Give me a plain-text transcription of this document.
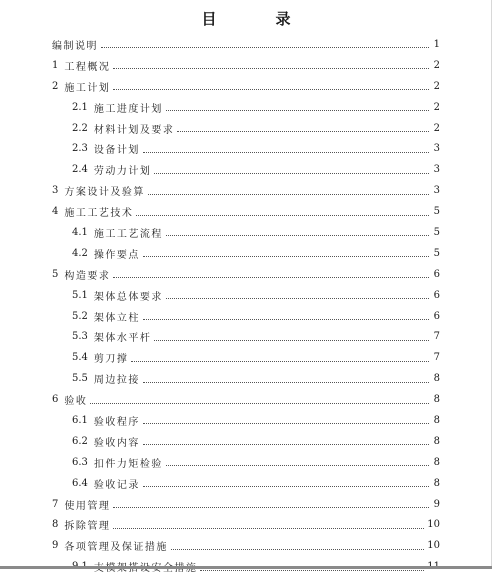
目　录
编制说明	1
1 工程概况	2
2 施工计划	2
2.1 施工进度计划	2
2.2 材料计划及要求	2
2.3 设备计划	3
2.4 劳动力计划	3
3 方案设计及验算	3
4 施工工艺技术	5
4.1 施工工艺流程	5
4.2 操作要点	5
5 构造要求	6
5.1 架体总体要求	6
5.2 架体立柱	6
5.3 架体水平杆	7
5.4 剪刀撑	7
5.5 周边拉接	8
6 验收	8
6.1 验收程序	8
6.2 验收内容	8
6.3 扣件力矩检验	8
6.4 验收记录	8
7 使用管理	9
8 拆除管理	10
9 各项管理及保证措施	10
